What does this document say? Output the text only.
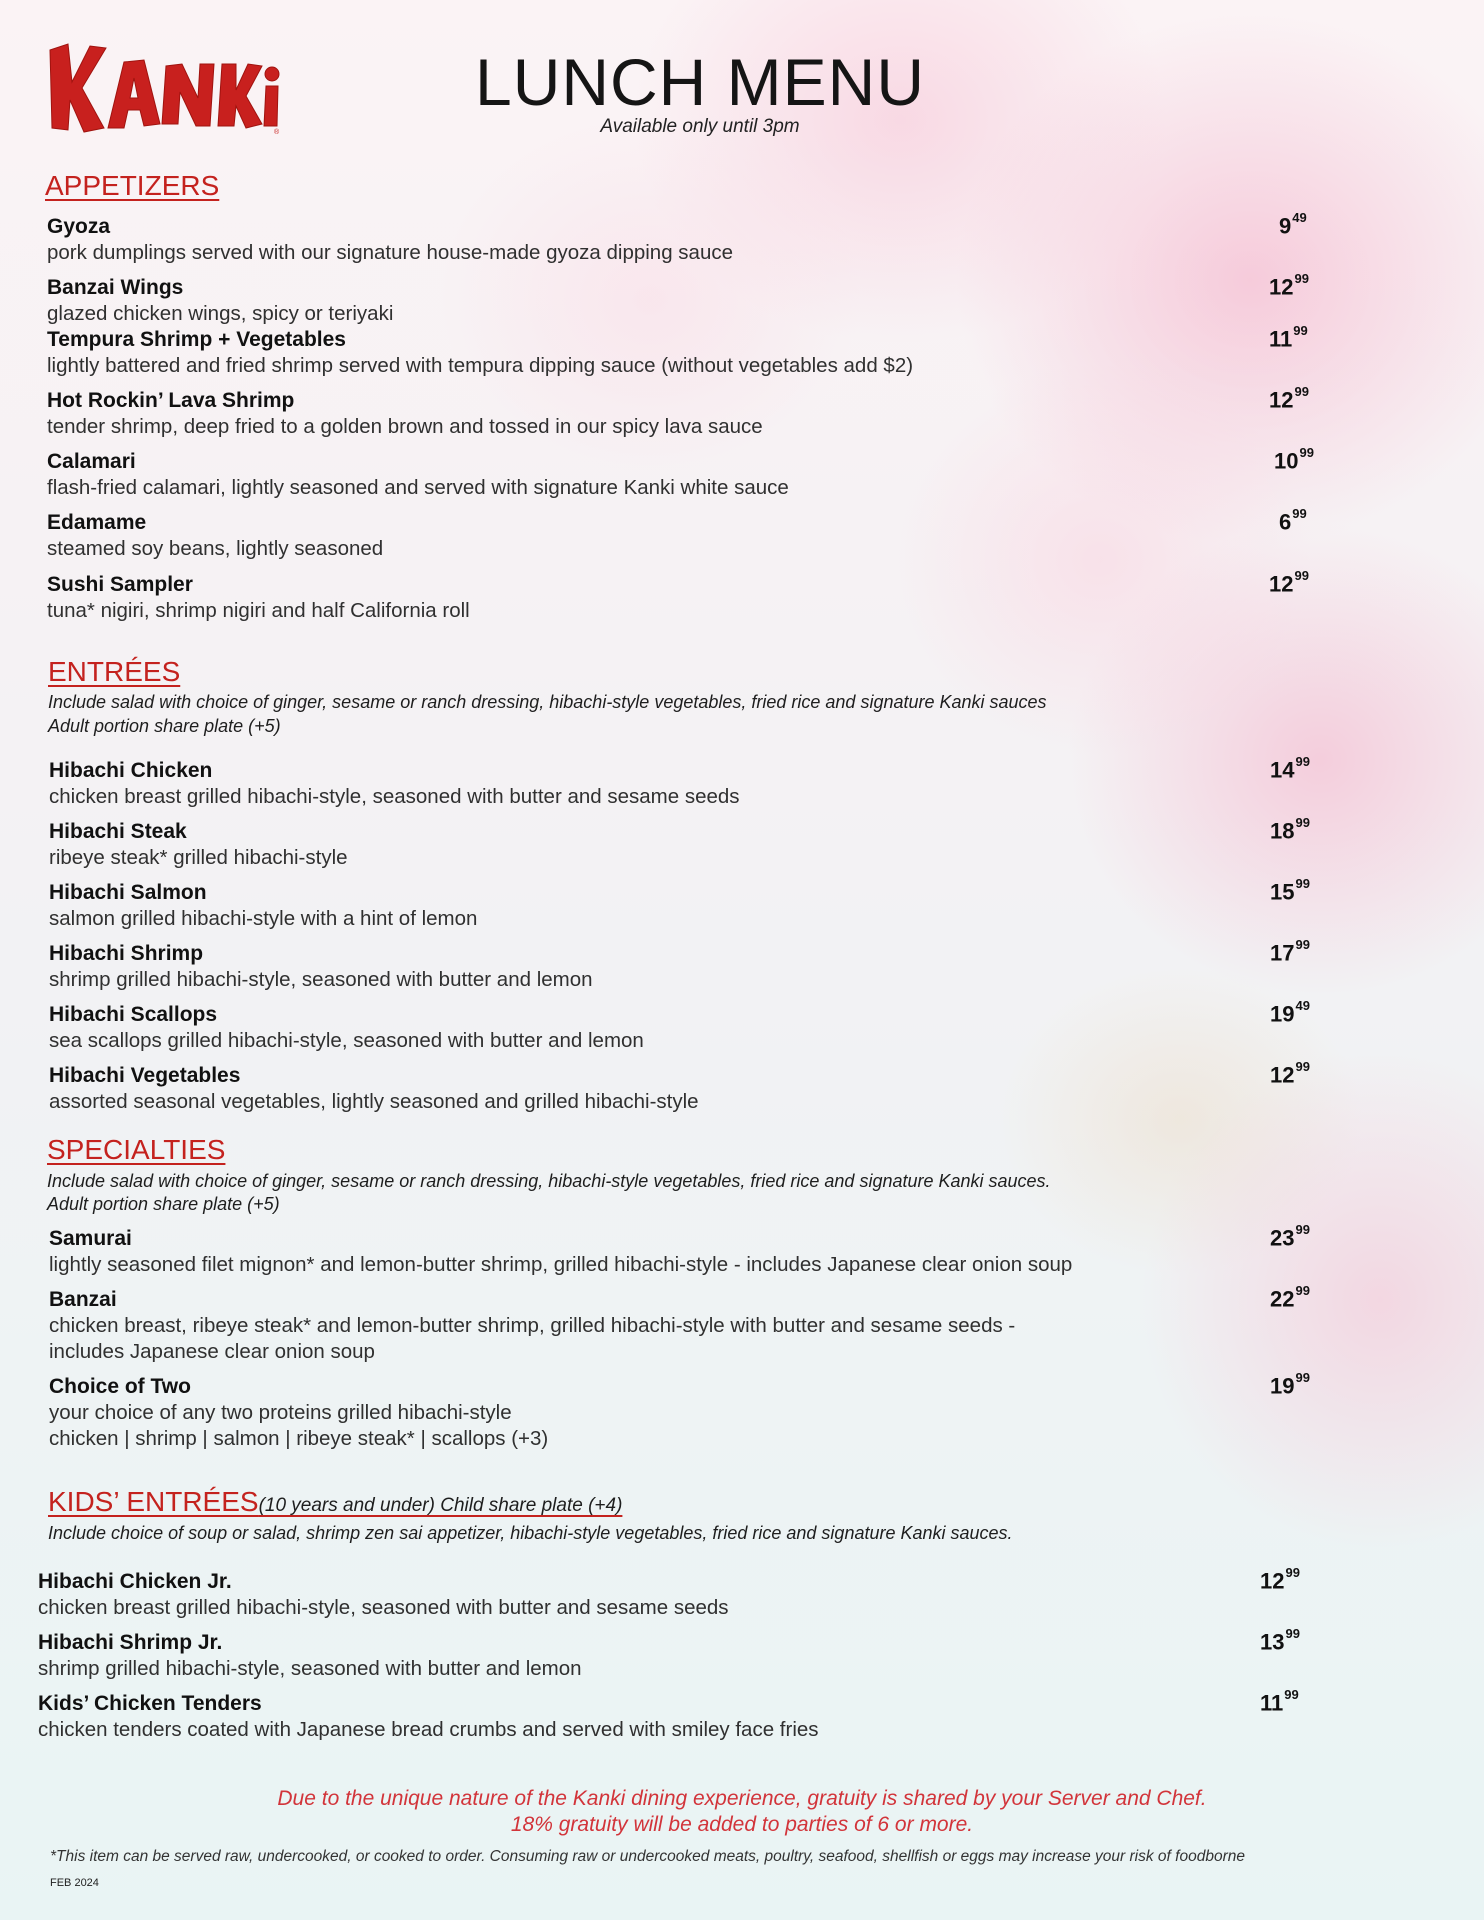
®
LUNCH MENU
Available only until 3pm
APPETIZERS
Gyoza
pork dumplings served with our signature house-made gyoza dipping sauce
$9^{49}$
Banzai Wings
glazed chicken wings, spicy or teriyaki
$12^{99}$
Tempura Shrimp + Vegetables
lightly battered and fried shrimp served with tempura dipping sauce (without vegetables add $2)
$11^{99}$
Hot Rockin’ Lava Shrimp
tender shrimp, deep fried to a golden brown and tossed in our spicy lava sauce
$12^{99}$
Calamari
flash-fried calamari, lightly seasoned and served with signature Kanki white sauce
$10^{99}$
Edamame
steamed soy beans, lightly seasoned
$6^{99}$
Sushi Sampler
tuna* nigiri, shrimp nigiri and half California roll
$12^{99}$
ENTRÉES
Include salad with choice of ginger, sesame or ranch dressing, hibachi-style vegetables, fried rice and signature Kanki sauces
Adult portion share plate (+5)
Hibachi Chicken
chicken breast grilled hibachi-style, seasoned with butter and sesame seeds
$14^{99}$
Hibachi Steak
ribeye steak* grilled hibachi-style
$18^{99}$
Hibachi Salmon
salmon grilled hibachi-style with a hint of lemon
$15^{99}$
Hibachi Shrimp
shrimp grilled hibachi-style, seasoned with butter and lemon
$17^{99}$
Hibachi Scallops
sea scallops grilled hibachi-style, seasoned with butter and lemon
$19^{49}$
Hibachi Vegetables
assorted seasonal vegetables, lightly seasoned and grilled hibachi-style
$12^{99}$
SPECIALTIES
Include salad with choice of ginger, sesame or ranch dressing, hibachi-style vegetables, fried rice and signature Kanki sauces.
Adult portion share plate (+5)
Samurai
lightly seasoned filet mignon* and lemon-butter shrimp, grilled hibachi-style - includes Japanese clear onion soup
$23^{99}$
Banzai
chicken breast, ribeye steak* and lemon-butter shrimp, grilled hibachi-style with butter and sesame seeds -
includes Japanese clear onion soup
$22^{99}$
Choice of Two
your choice of any two proteins grilled hibachi-style
chicken | shrimp | salmon | ribeye steak* | scallops (+3)
$19^{99}$
KIDS’ ENTRÉES(10 years and under) Child share plate (+4)
Include choice of soup or salad, shrimp zen sai appetizer, hibachi-style vegetables, fried rice and signature Kanki sauces.
Hibachi Chicken Jr.
chicken breast grilled hibachi-style, seasoned with butter and sesame seeds
$12^{99}$
Hibachi Shrimp Jr.
shrimp grilled hibachi-style, seasoned with butter and lemon
$13^{99}$
Kids’ Chicken Tenders
chicken tenders coated with Japanese bread crumbs and served with smiley face fries
$11^{99}$
Due to the unique nature of the Kanki dining experience, gratuity is shared by your Server and Chef.
18% gratuity will be added to parties of 6 or more.
*This item can be served raw, undercooked, or cooked to order. Consuming raw or undercooked meats, poultry, seafood, shellfish or eggs may increase your risk of foodborne
FEB 2024
